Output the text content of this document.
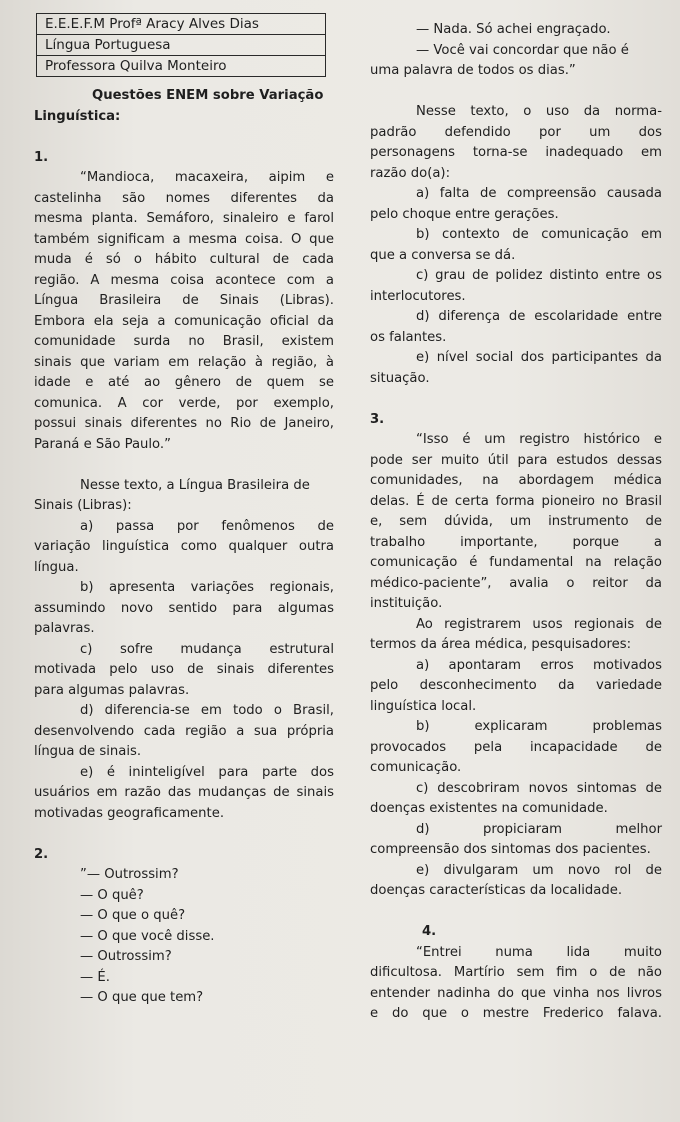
E.E.E.F.M Profª Aracy Alves Dias
Língua Portuguesa
Professora Quilva Monteiro

Questões ENEM sobre Variação

Linguística:

1.

“Mandioca, macaxeira, aipim e

castelinha são nomes diferentes da

mesma planta. Semáforo, sinaleiro e farol

também significam a mesma coisa. O que

muda é só o hábito cultural de cada

região. A mesma coisa acontece com a

Língua Brasileira de Sinais (Libras).

Embora ela seja a comunicação oficial da

comunidade surda no Brasil, existem

sinais que variam em relação à região, à

idade e até ao gênero de quem se

comunica. A cor verde, por exemplo,

possui sinais diferentes no Rio de Janeiro,

Paraná e São Paulo.”

Nesse texto, a Língua Brasileira de

Sinais (Libras):

a) passa por fenômenos de

variação linguística como qualquer outra

língua.

b) apresenta variações regionais,

assumindo novo sentido para algumas

palavras.

c) sofre mudança estrutural

motivada pelo uso de sinais diferentes

para algumas palavras.

d) diferencia-se em todo o Brasil,

desenvolvendo cada região a sua própria

língua de sinais.

e) é ininteligível para parte dos

usuários em razão das mudanças de sinais

motivadas geograficamente.

2.

”— Outrossim?

— O quê?

— O que o quê?

— O que você disse.

— Outrossim?

— É.

— O que que tem?

— Nada. Só achei engraçado.

— Você vai concordar que não é

uma palavra de todos os dias.”

Nesse texto, o uso da norma-

padrão defendido por um dos

personagens torna-se inadequado em

razão do(a):

a) falta de compreensão causada

pelo choque entre gerações.

b) contexto de comunicação em

que a conversa se dá.

c) grau de polidez distinto entre os

interlocutores.

d) diferença de escolaridade entre

os falantes.

e) nível social dos participantes da

situação.

3.

“Isso é um registro histórico e

pode ser muito útil para estudos dessas

comunidades, na abordagem médica

delas. É de certa forma pioneiro no Brasil

e, sem dúvida, um instrumento de

trabalho importante, porque a

comunicação é fundamental na relação

médico-paciente”, avalia o reitor da

instituição.

Ao registrarem usos regionais de

termos da área médica, pesquisadores:

a) apontaram erros motivados

pelo desconhecimento da variedade

linguística local.

b) explicaram problemas

provocados pela incapacidade de

comunicação.

c) descobriram novos sintomas de

doenças existentes na comunidade.

d) propiciaram melhor

compreensão dos sintomas dos pacientes.

e) divulgaram um novo rol de

doenças características da localidade.

4.

“Entrei numa lida muito

dificultosa. Martírio sem fim o de não

entender nadinha do que vinha nos livros

e do que o mestre Frederico falava.
